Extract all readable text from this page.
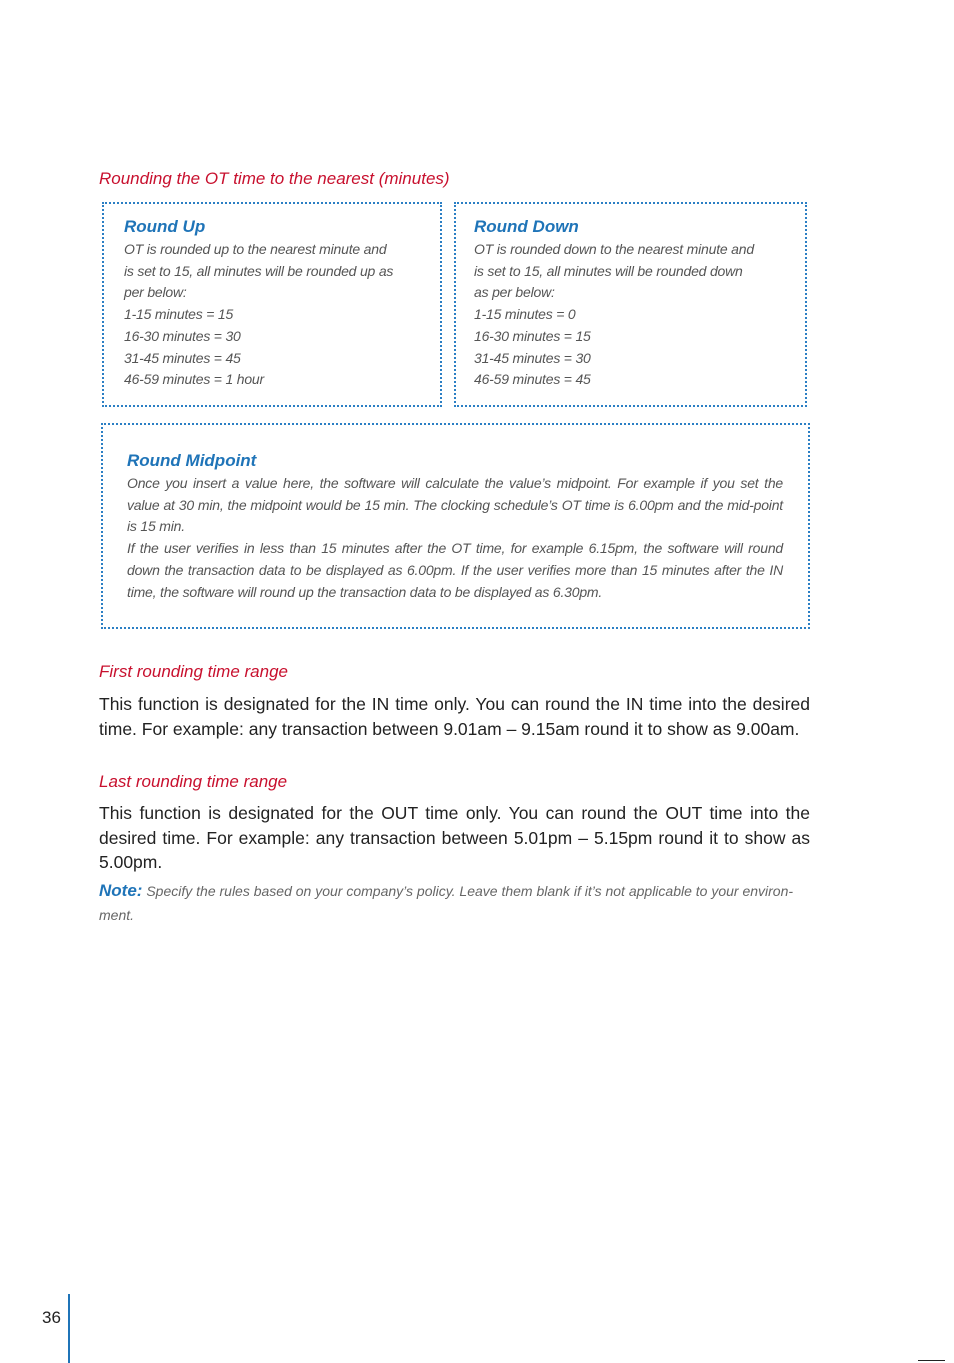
Rounding the OT time to the nearest (minutes)
Round Up

OT is rounded up to the nearest minute and
is set to 15, all minutes will be rounded up as
per below:
1-15 minutes = 15
16-30 minutes = 30
31-45 minutes = 45
46-59 minutes = 1 hour

Round Down

OT is rounded down to the nearest minute and
is set to 15, all minutes will be rounded down
as per below:
1-15 minutes = 0
16-30 minutes = 15
31-45 minutes = 30
46-59 minutes = 45

Round Midpoint

Once you insert a value here, the software will calculate the value’s midpoint. For example if you set the value at 30 min, the midpoint would be 15 min. The clocking schedule’s OT time is 6.00pm and the mid-point is 15 min.

If the user verifies in less than 15 minutes after the OT time, for example 6.15pm, the software will round down the transaction data to be displayed as 6.00pm. If the user verifies more than 15 minutes after the IN time, the software will round up the transaction data to be displayed as 6.30pm.

First rounding time range

This function is designated for the IN time only. You can round the IN time into the desired time. For example: any transaction between 9.01am – 9.15am round it to show as 9.00am.

Last rounding time range

This function is designated for the OUT time only. You can round the OUT time into the desired time. For example: any transaction between 5.01pm – 5.15pm round it to show as 5.00pm.

Note: Specify the rules based on your company’s policy. Leave them blank if it’s not applicable to your environ-ment.

36
